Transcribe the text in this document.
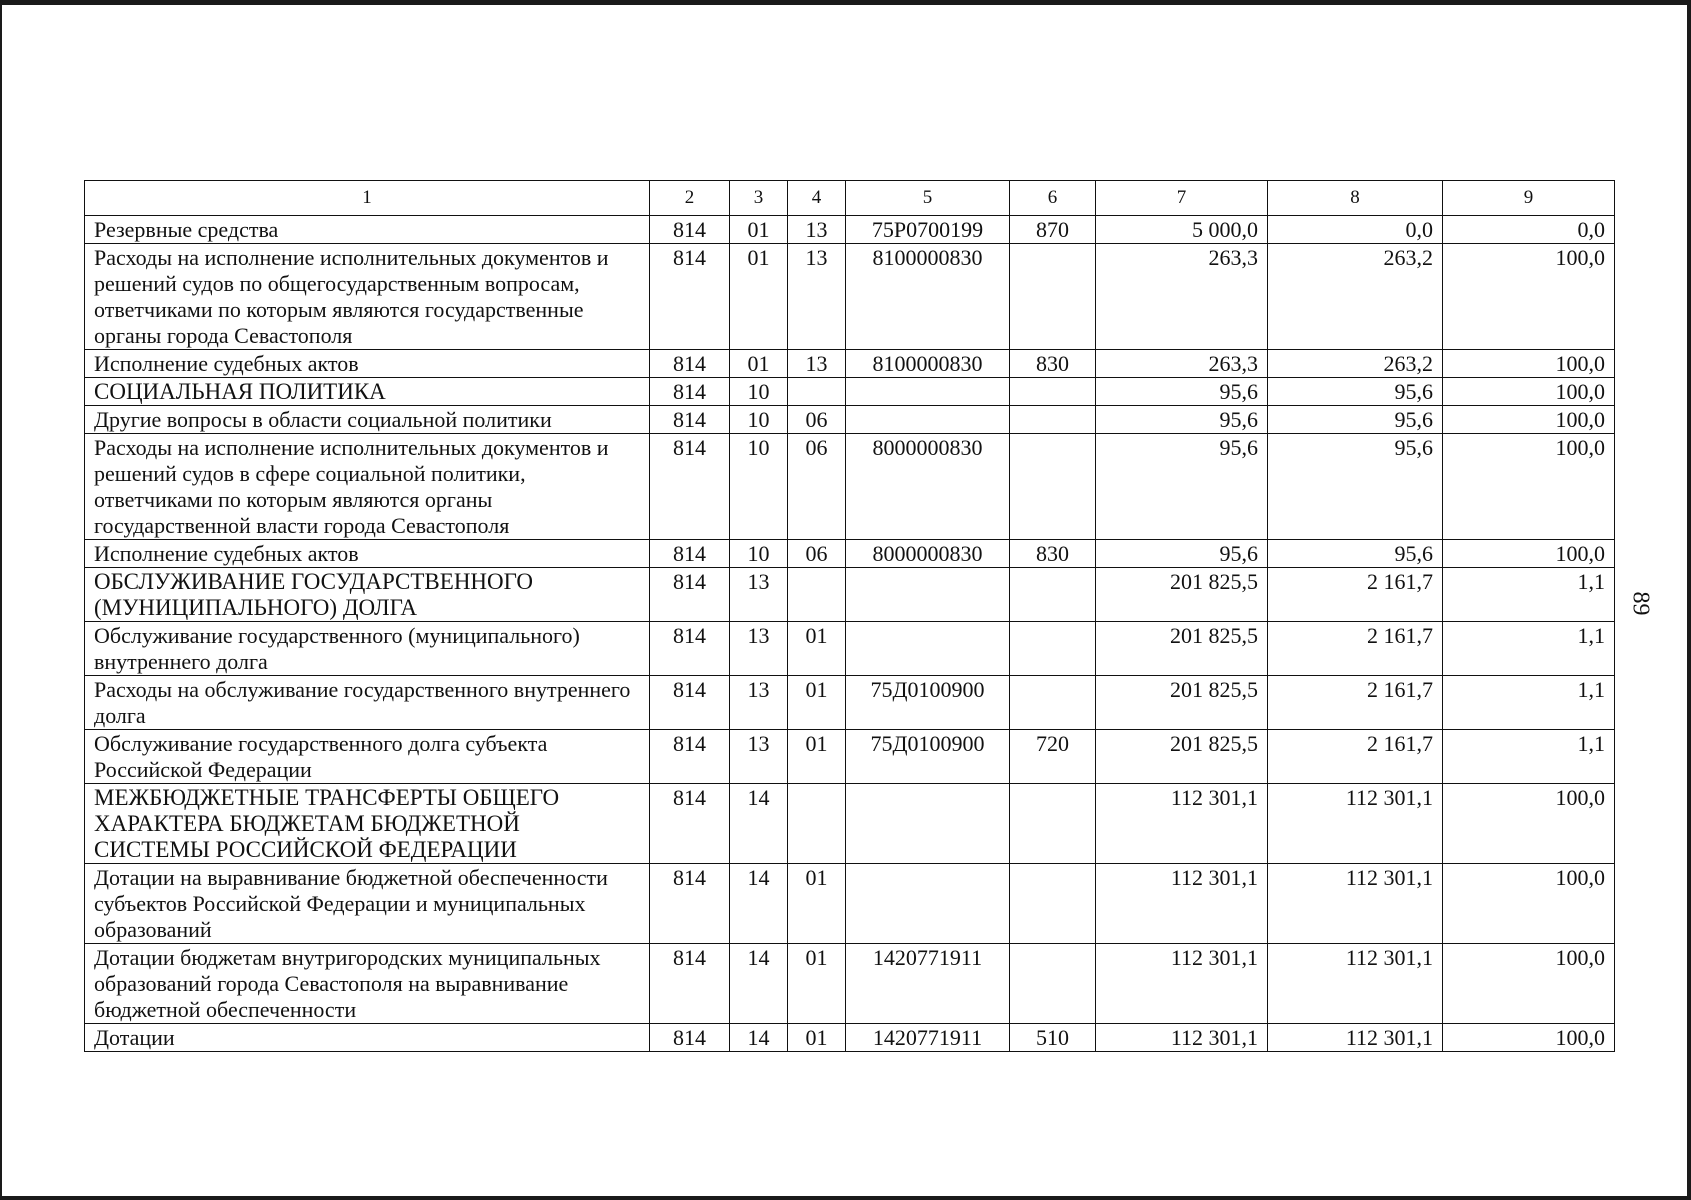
89
1	2	3	4	5	6	7	8	9
Резервные средства	814	01	13	75Р0700199	870	5 000,0	0,0	0,0
Расходы на исполнение исполнительных документов и решений судов по общегосударственным вопросам, ответчиками по которым являются государственные органы города Севастополя	814	01	13	8100000830		263,3	263,2	100,0
Исполнение судебных актов	814	01	13	8100000830	830	263,3	263,2	100,0
СОЦИАЛЬНАЯ ПОЛИТИКА	814	10				95,6	95,6	100,0
Другие вопросы в области социальной политики	814	10	06			95,6	95,6	100,0
Расходы на исполнение исполнительных документов и решений судов в сфере социальной политики, ответчиками по которым являются органы государственной власти города Севастополя	814	10	06	8000000830		95,6	95,6	100,0
Исполнение судебных актов	814	10	06	8000000830	830	95,6	95,6	100,0
ОБСЛУЖИВАНИЕ ГОСУДАРСТВЕННОГО (МУНИЦИПАЛЬНОГО) ДОЛГА	814	13				201 825,5	2 161,7	1,1
Обслуживание государственного (муниципального) внутреннего долга	814	13	01			201 825,5	2 161,7	1,1
Расходы на обслуживание государственного внутреннего долга	814	13	01	75Д0100900		201 825,5	2 161,7	1,1
Обслуживание государственного долга субъекта Российской Федерации	814	13	01	75Д0100900	720	201 825,5	2 161,7	1,1
МЕЖБЮДЖЕТНЫЕ ТРАНСФЕРТЫ ОБЩЕГО ХАРАКТЕРА БЮДЖЕТАМ БЮДЖЕТНОЙ СИСТЕМЫ РОССИЙСКОЙ ФЕДЕРАЦИИ	814	14				112 301,1	112 301,1	100,0
Дотации на выравнивание бюджетной обеспеченности субъектов Российской Федерации и муниципальных образований	814	14	01			112 301,1	112 301,1	100,0
Дотации бюджетам внутригородских муниципальных образований города Севастополя на выравнивание бюджетной обеспеченности	814	14	01	1420771911		112 301,1	112 301,1	100,0
Дотации	814	14	01	1420771911	510	112 301,1	112 301,1	100,0
